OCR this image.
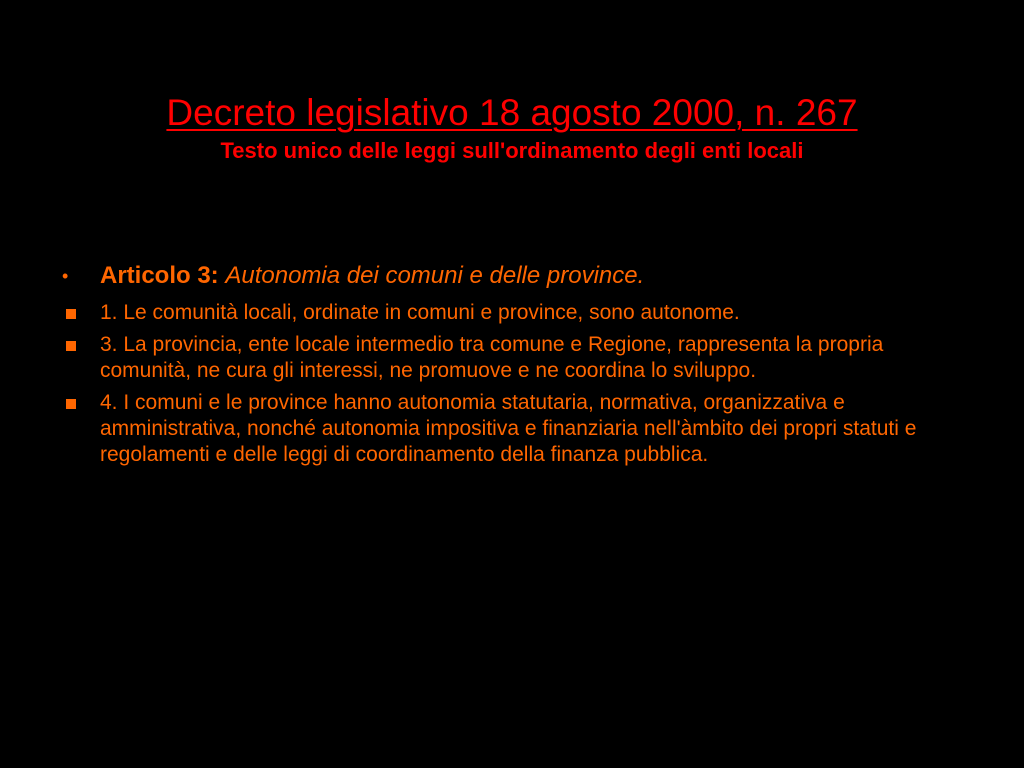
Decreto legislativo 18 agosto 2000, n. 267

Testo unico delle leggi sull'ordinamento degli enti locali

• Articolo 3: Autonomia dei comuni e delle province.
1. Le comunità locali, ordinate in comuni e province, sono autonome.
3. La provincia, ente locale intermedio tra comune e Regione, rappresenta la propria comunità, ne cura gli interessi, ne promuove e ne coordina lo sviluppo.
4. I comuni e le province hanno autonomia statutaria, normativa, organizzativa e amministrativa, nonché autonomia impositiva e finanziaria nell'àmbito dei propri statuti e regolamenti e delle leggi di coordinamento della finanza pubblica.
